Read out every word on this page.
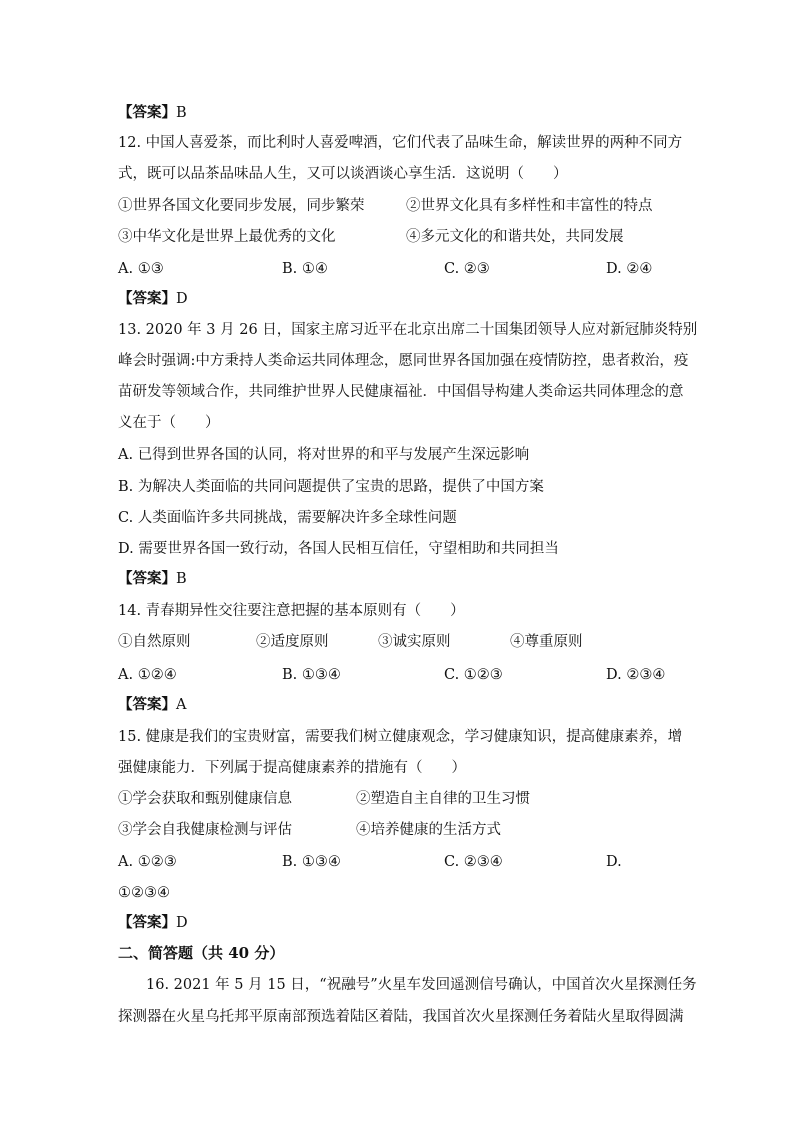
【答案】B
12. 中国人喜爱茶，而比利时人喜爱啤酒，它们代表了品味生命，解读世界的两种不同方
式，既可以品茶品味品人生，又可以谈酒谈心享生活．这说明（　　）
①世界各国文化要同步发展，同步繁荣	②世界文化具有多样性和丰富性的特点
③中华文化是世界上最优秀的文化	④多元文化的和谐共处，共同发展
A. ①③	B. ①④	C. ②③	D. ②④
【答案】D
13. 2020 年 3 月 26 日，国家主席习近平在北京出席二十国集团领导人应对新冠肺炎特别
峰会时强调:中方秉持人类命运共同体理念，愿同世界各国加强在疫情防控，患者救治，疫
苗研发等领域合作，共同维护世界人民健康福祉．中国倡导构建人类命运共同体理念的意
义在于（　　）
A. 已得到世界各国的认同，将对世界的和平与发展产生深远影响
B. 为解决人类面临的共同问题提供了宝贵的思路，提供了中国方案
C. 人类面临许多共同挑战，需要解决许多全球性问题
D. 需要世界各国一致行动，各国人民相互信任，守望相助和共同担当
【答案】B
14. 青春期异性交往要注意把握的基本原则有（　　）
①自然原则	②适度原则	③诚实原则	④尊重原则
A. ①②④	B. ①③④	C. ①②③	D. ②③④
【答案】A
15. 健康是我们的宝贵财富，需要我们树立健康观念，学习健康知识，提高健康素养，增
强健康能力．下列属于提高健康素养的措施有（　　）
①学会获取和甄别健康信息	②塑造自主自律的卫生习惯
③学会自我健康检测与评估	④培养健康的生活方式
A. ①②③	B. ①③④	C. ②③④	D.
①②③④
【答案】D
二、简答题（共 40 分）
16. 2021 年 5 月 15 日，“祝融号”火星车发回遥测信号确认，中国首次火星探测任务
探测器在火星乌托邦平原南部预选着陆区着陆，我国首次火星探测任务着陆火星取得圆满
